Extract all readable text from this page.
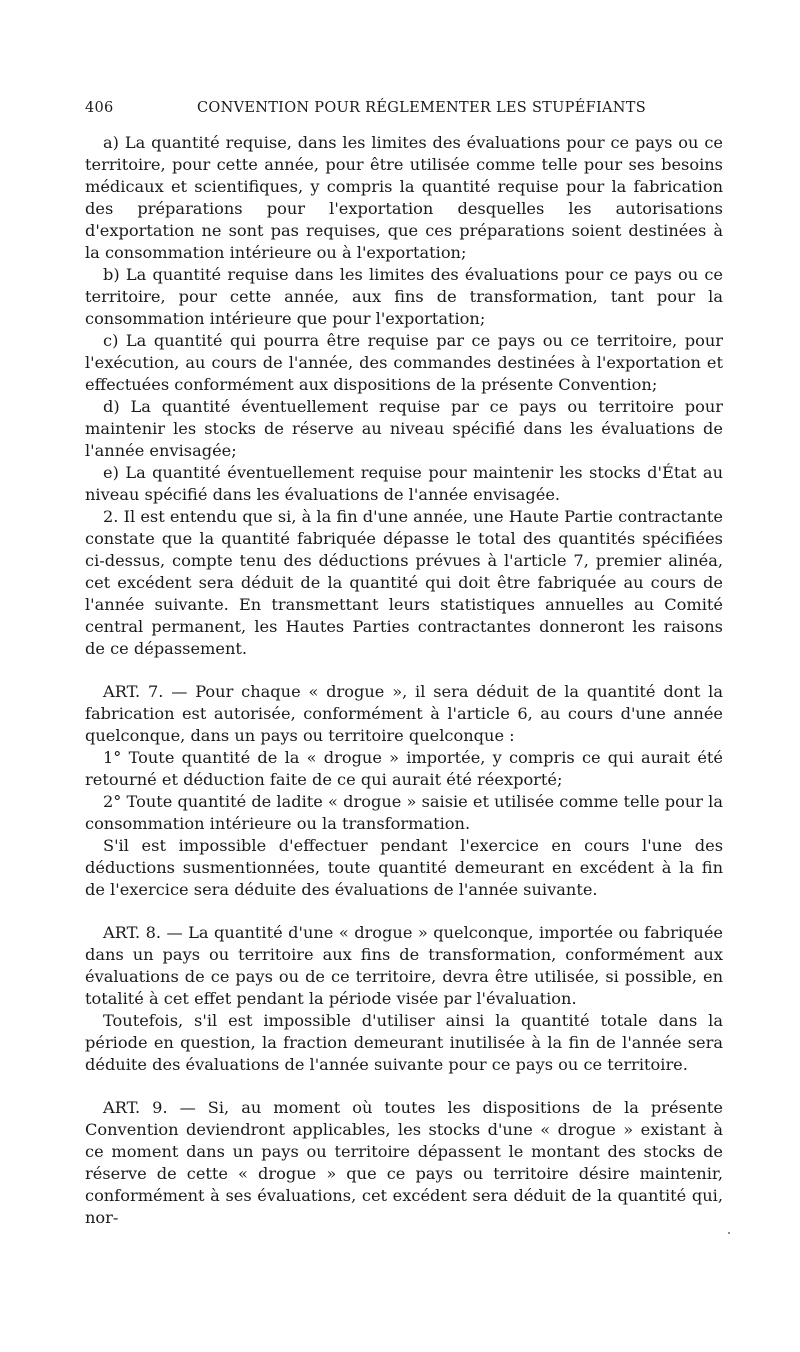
406	CONVENTION POUR RÉGLEMENTER LES STUPÉFIANTS

a) La quantité requise, dans les limites des évaluations pour ce pays ou ce territoire, pour cette année, pour être utilisée comme telle pour ses besoins médicaux et scientifiques, y compris la quantité requise pour la fabrication des préparations pour l'exportation desquelles les autorisations d'exportation ne sont pas requises, que ces préparations soient destinées à la consommation intérieure ou à l'exportation;

b) La quantité requise dans les limites des évaluations pour ce pays ou ce territoire, pour cette année, aux fins de transformation, tant pour la consommation intérieure que pour l'exportation;

c) La quantité qui pourra être requise par ce pays ou ce territoire, pour l'exécution, au cours de l'année, des commandes destinées à l'exportation et effectuées conformément aux dispositions de la présente Convention;

d) La quantité éventuellement requise par ce pays ou territoire pour maintenir les stocks de réserve au niveau spécifié dans les évaluations de l'année envisagée;

e) La quantité éventuellement requise pour maintenir les stocks d'État au niveau spécifié dans les évaluations de l'année envisagée.

2. Il est entendu que si, à la fin d'une année, une Haute Partie contractante constate que la quantité fabriquée dépasse le total des quantités spécifiées ci-dessus, compte tenu des déductions prévues à l'article 7, premier alinéa, cet excédent sera déduit de la quantité qui doit être fabriquée au cours de l'année suivante. En transmettant leurs statistiques annuelles au Comité central permanent, les Hautes Parties contractantes donneront les raisons de ce dépassement.

ART. 7. — Pour chaque « drogue », il sera déduit de la quantité dont la fabrication est autorisée, conformément à l'article 6, au cours d'une année quelconque, dans un pays ou territoire quelconque :

1° Toute quantité de la « drogue » importée, y compris ce qui aurait été retourné et déduction faite de ce qui aurait été réexporté;

2° Toute quantité de ladite « drogue » saisie et utilisée comme telle pour la consommation intérieure ou la transformation.

S'il est impossible d'effectuer pendant l'exercice en cours l'une des déductions susmentionnées, toute quantité demeurant en excédent à la fin de l'exercice sera déduite des évaluations de l'année suivante.

ART. 8. — La quantité d'une « drogue » quelconque, importée ou fabriquée dans un pays ou territoire aux fins de transformation, conformément aux évaluations de ce pays ou de ce territoire, devra être utilisée, si possible, en totalité à cet effet pendant la période visée par l'évaluation.

Toutefois, s'il est impossible d'utiliser ainsi la quantité totale dans la période en question, la fraction demeurant inutilisée à la fin de l'année sera déduite des évaluations de l'année suivante pour ce pays ou ce territoire.

ART. 9. — Si, au moment où toutes les dispositions de la présente Convention deviendront applicables, les stocks d'une « drogue » existant à ce moment dans un pays ou territoire dépassent le montant des stocks de réserve de cette « drogue » que ce pays ou territoire désire maintenir, conformément à ses évaluations, cet excédent sera déduit de la quantité qui, nor-
